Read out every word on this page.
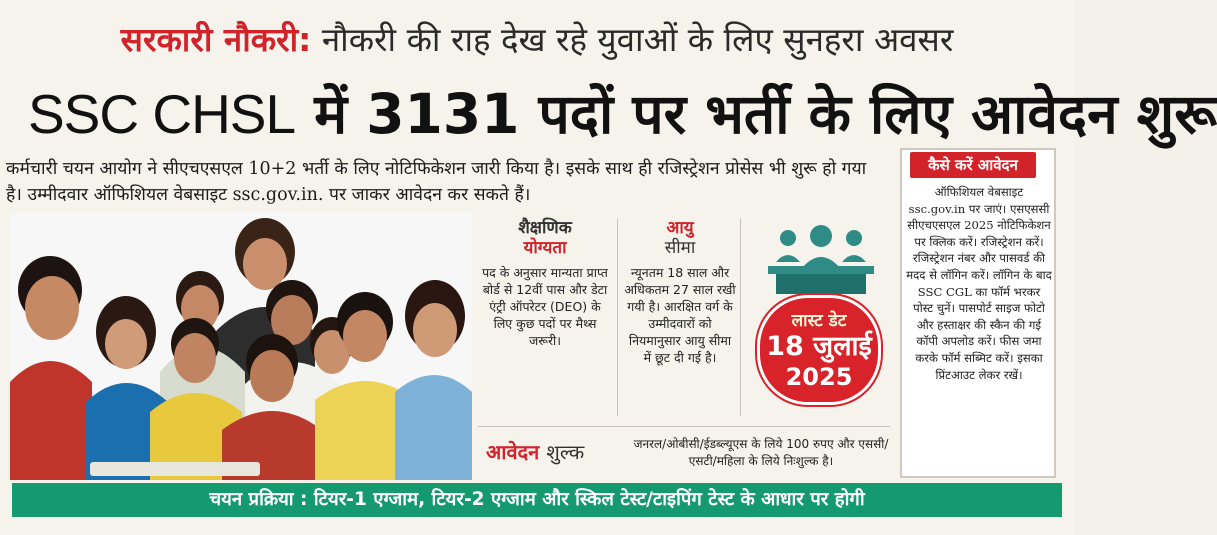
सरकारी नौकरी: नौकरी की राह देख रहे युवाओं के लिए सुनहरा अवसर
SSC CHSL में 3131 पदों पर भर्ती के लिए आवेदन शुरू
कर्मचारी चयन आयोग ने सीएचएसएल 10+2 भर्ती के लिए नोटिफिकेशन जारी किया है। इसके साथ ही रजिस्ट्रेशन प्रोसेस भी शुरू हो गया है। उम्मीदवार ऑफिशियल वेबसाइट ssc.gov.in. पर जाकर आवेदन कर सकते हैं।
शैक्षणिक
योग्यता
पद के अनुसार मान्यता प्राप्त बोर्ड से 12वीं पास और डेटा एंट्री ऑपरेटर (DEO) के लिए कुछ पदों पर मैथ्स जरूरी।
आयु
सीमा
न्यूनतम 18 साल और अधिकतम 27 साल रखी गयी है। आरक्षित वर्ग के उम्मीदवारों को नियमानुसार आयु सीमा में छूट दी गई है।
लास्ट डेट
18 जुलाई
2025
कैसे करें आवेदन
ऑफिशियल वेबसाइट ssc.gov.in पर जाएं। एसएससी सीएचएसएल 2025 नोटिफिकेशन पर क्लिक करें। रजिस्ट्रेशन करें। रजिस्ट्रेशन नंबर और पासवर्ड की मदद से लॉगिन करें। लॉगिन के बाद SSC CGL का फॉर्म भरकर पोस्ट चुनें। पासपोर्ट साइज फोटो और हस्ताक्षर की स्कैन की गई कॉपी अपलोड करें। फीस जमा करके फॉर्म सब्मिट करें। इसका प्रिंटआउट लेकर रखें।
आवेदन शुल्क	जनरल/ओबीसी/ईडब्ल्यूएस के लिये 100 रुपए और एससी/एसटी/महिला के लिये निःशुल्क है।
चयन प्रक्रिया : टियर-1 एग्जाम, टियर-2 एग्जाम और स्किल टेस्ट/टाइपिंग टेस्ट के आधार पर होगी
